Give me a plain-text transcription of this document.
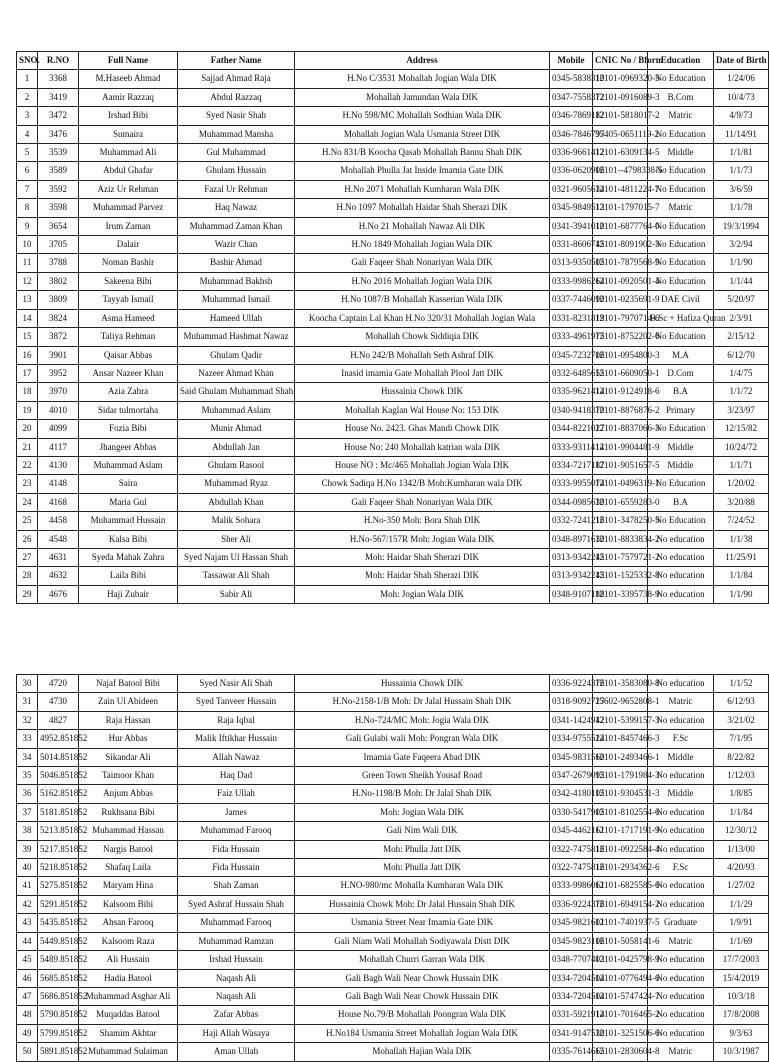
SNO.	R.NO	Full Name	Father Name	Address	Mobile	CNIC No / Bform	Education	Date of Birth
1	3368	M.Haseeb Ahmad	Sajjad Ahmad Raja	H.No C/3531 Mohallah Jogian Wala DIK	0345-5838310	12101-0969320-5	No Education	1/24/06
2	3419	Aamir Razzaq	Abdul Razzaq	Mohallah Jamundan Wala DIK	0347-7558372	12101-0916089-3	B.Com	10/4/73
3	3472	Irshad Bibi	Syed Nasir Shah	H.No 598/MC Mohallah Sodhian Wala DIK	0346-7869182	12101-5818017-2	Matric	4/9/73
4	3476	Sumaira	Muhammad Mansha	Mohallah Jogian Wala Usmania Street DIK	0346-7846797	35405-0651119-2	No Education	11/14/91
5	3539	Muhammad Ali	Gul Muhammad	H.No 831/B Koocha Qasab Mohallah Bannu Shah DIK	0336-9661412	12101-6309134-5	Middle	1/1/81
6	3589	Abdul Ghafar	Ghulam Hussain	Mohallah Phulla Jat Inside Imamia Gate DIK	0336-0620906	12101--4798338-5	No Education	1/1/73
7	3592	Aziz Ur Rehman	Fazal Ur Rehman	H.No 2071 Mohallah Kumharan Wala DIK	0321-9605634	12101-4811224-7	No Education	3/6/59
8	3598	Muhammad Parvez	Haq Nawaz	H.No 1097 Mohallah Haidar Shah Sherazi DIK	0345-9849513	12101-1797015-7	Matric	1/1/78
9	3654	Irum Zaman	Muhammad Zaman Khan	H.No 21 Mohallah Nawaz Ali DIK	0341-3941010	12101-6877764-0	No Education	19/3/1994
10	3705	Dalair	Wazir Chan	H.No 1849 Mohallah Jogian Wala DIK	0331-8606745	12101-8091902-3	No Education	3/2/94
11	3788	Noman Bashir	Bashir Ahmad	Gali Faqeer Shah Nonariyan Wala DIK	0313-9350505	12101-7879568-9	No Education	1/1/90
12	3802	Sakeena Bibi	Muhammad Bakhsh	H.No 2016 Mohallah Jogian Wala DIK	0333-9986264	12101-0920501-4	No Education	1/1/44
13	3809	Tayyab Ismail	Muhammad Ismail	H.No 1087/B Mohallah Kasserian Wala DIK	0337-7446090	12101-0235691-9	DAE Civil	5/20/97
14	3824	Asma Hameed	Hameed Ullah	Koocha Captain Lal Khan H.No 320/31 Mohallah Jogian Wala	0331-8231819	12101-7970714-6	B.Sc + Hafiza Quran	2/3/91
15	3872	Taliya Rehman	Muhammad Hashmat Nawaz	Mohallah Chowk Siddiqia DIK	0333-4961975	12101-8752202-6	No Education	2/15/12
16	3901	Qaisar Abbas	Ghulam Qadir	H.No 242/B Mohallah Seth Ashraf DIK	0345-7232706	12101-0954800-3	M.A	6/12/70
17	3952	Ansar Nazeer Khan	Nazeer Ahmad Khan	Inasid imamia Gate Mohallah Plool Jatt DIK	0332-6485655	12101-6609050-1	D.Com	1/4/75
18	3970	Azia Zahra	Said Ghulam Muhammad Shah	Hussainia Chowk DIK	0335-9621414	12101-9124918-6	B.A	1/1/72
19	4010	Sidar tulmortaha	Muhammad Aslam	Mohallah Kaglan Wal House No: 153 DIK	0340-9418370	12101-8876876-2	Primary	3/23/97
20	4099	Fozia Bibi	Munir Ahmad	House No. 2423. Ghas Mandi Chowk DIK	0344-8221027	12101-8837066-3	No Education	12/15/82
21	4117	Jhangeer Abbas	Abdullah Jan	House No: 240 Mohallah katrian wala DIK	0333-9311414	12101-9904481-9	Middle	10/24/72
22	4130	Muhammad Aslam	Ghulam Rasool	House NO : Mc/465 Mohallah Jogian Wala DIK	0334-7217187	12101-9051657-5	Middle	1/1/71
23	4148	Saira	Muhammad Ryaz	Chowk Sadiqa H.No 1342/B Moh:Kumharan wala DIK	0333-9955074	12101-0496319-1	No Education	1/20/02
24	4168	Maria Gul	Abdullah Khan	Gali Faqeer Shah Nonariyan Wala DIK	0344-0985630	12101-6559283-0	B.A	3/20/88
25	4458	Muhammad Hussain	Malik Sohara	H.No-350 Moh: Bora Shah DIK	0332-7241216	12101-3478250-5	No Education	7/24/52
26	4548	Kalsa Bibi	Sher Ali	H.No-567/157R Moh: Jogian Wala DIK	0348-8971630	12101-8833834-2	No education	1/1/38
27	4631	Syeda Mahak Zahra	Syed Najam Ul Hassan Shah	Moh: Haidar Shah Sherazi DIK	0313-9342245	12101-7579721-2	No education	11/25/91
28	4632	Laila Bibi	Tassawar Ali Shah	Moh: Haidar Shah Sherazi DIK	0313-9342245	12101-1525332-8	No education	1/1/84
29	4676	Haji Zubair	Sabir Ali	Moh: Jogian Wala DIK	0348-9107188	12101-3395738-9	No education	1/1/90
30	4720	Najaf Batool Bibi	Syed Nasir Ali Shah	Hussainia Chowk DIK	0336-9224376	12101-3583080-8	No education	1/1/52
31	4730	Zain Ul Abideen	Syed Tanveer Hussain	H.No-2158-1/B Moh: Dr Jalal Hussain Shah DIK	0318-9092727	15602-9652808-1	Matric	6/12/93
32	4827	Raja Hassan	Raja Iqbal	H.No-724/MC Moh: Jogia Wala DIK	0341-1424942	12101-5399157-3	No education	3/21/02
33	4952.851852	Hur Abbas	Malik Iftikhar Hussain	Gali Gulabi wali Moh: Pongran Wala DIK	0334-9755524	12101-8457466-3	F.Sc	7/1/95
34	5014.851852	Sikandar Ali	Allah Nawaz	Imamia Gate Faqeera Abad DIK	0345-9831560	12101-2493466-1	Middle	8/22/82
35	5046.851852	Taimoor Khan	Haq Dad	Green Town Sheikh Yousaf Road	0347-2679095	12101-1791984-3	No education	1/12/03
36	5162.851852	Anjum Abbas	Faiz Ullah	H.No-1198/B Moh: Dr Jalal Shah DIK	0342-4180105	12101-9304531-3	Middle	1/8/85
37	5181.851852	Rukhsana Bibi	James	Moh: Jogian Wala DIK	0330-5417905	12101-8102554-6	No education	1/1/84
38	5213.851852	Muhammad Hassan	Muhammad Farooq	Gali Nim Wali DIK	0345-4462161	12101-1717191-9	No education	12/30/12
39	5217.851852	Nargis Batool	Fida Hussain	Moh: Phulla Jatt DIK	0322-7475816	12101-0922584-4	No education	1/13/00
40	5218.851852	Shafaq Laila	Fida Hussain	Moh: Phulla Jatt DIK	0322-7475816	12101-2934362-6	F.Sc	4/20/93
41	5275.851852	Maryam Hina	Shah Zaman	H.NO-980/mc Mohalla Kumharan Wala DIK	0333-9986061	12101-6825585-6	No education	1/27/02
42	5291.851852	Kalsoom Bibi	Syed Ashraf Hussain Shah	Hussainia Chowk Moh: Dr Jalal Hussain Shah DIK	0336-9224376	12101-6949154-2	No education	1/1/29
43	5435.851852	Ahsan Farooq	Muhammad Farooq	Usmania Street Near Imamia Gate DIK	0345-9821601	12101-7401937-5	Graduate	1/9/91
44	5449.851852	Kalsoom Raza	Muhammad Ramzan	Gali Niam Wali Mohallah Sodiyawala Distt DIK	0345-9823106	12101-5058141-6	Matric	1/1/69
45	5489.851852	Ali Hussain	Irshad Hussain	Mohallah Churri Garran Wala DIK	0348-7707403	12101-0425798-9	No education	17/7/2003
46	5685.851852	Hadia Batool	Naqash Ali	Gali Bagh Wali Near Chowk Hussain DIK	0334-7204504	12101-0776494-6	No education	15/4/2019
47	5686.851852	Muhammad Asghar Ali	Naqash Ali	Gali Bagh Wali Near Chowk Hussain DIK	0334-7204504	12101-5747424-7	No education	10/3/18
48	5790.851852	Muqaddas Batool	Zafar Abbas	House No.79/B Mohallah Poongran Wala DIK	0331-5921914	12101-7016465-2	No education	17/8/2008
49	5799.851852	Shamim Akhtar	Haji Allah Wasaya	H.No184 Usmania Street Mohallah Jogian Wala DIK	0341-9147530	12101-3251506-6	No education	9/3/63
50	5891.851852	Muhammad Sulaiman	Aman Ullah	Mohallah Hajian Wala DIK	0335-7614665	12101-2830604-8	Matric	10/3/1987
